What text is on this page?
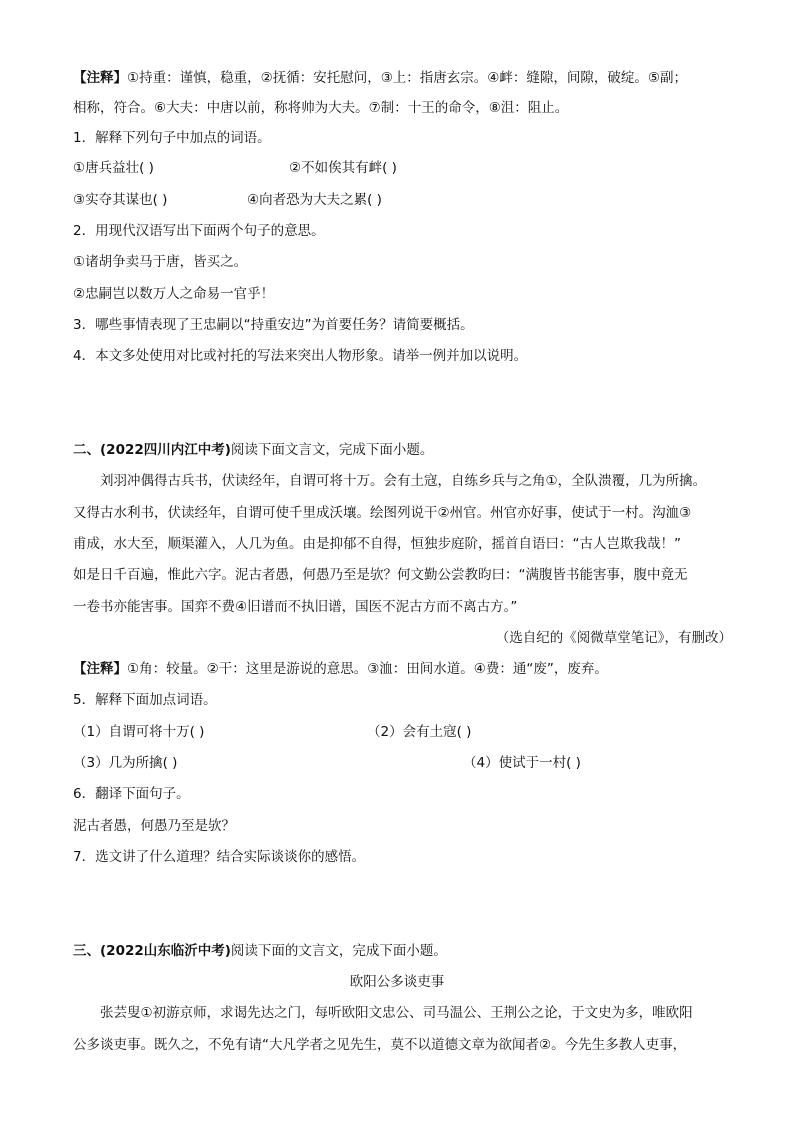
【注释】①持重：谨慎，稳重，②抚循：安托慰问，③上：指唐玄宗。④衅：缝隙，间隙，破绽。⑤副；
相称，符合。⑥大夫：中唐以前，称将帅为大夫。⑦制：十王的命令，⑧沮：阻止。
1．解释下列句子中加点的词语。
①唐兵益壮( )	②不如俟其有衅( )
③实夺其谋也( )	④向者恐为大夫之累( )
2．用现代汉语写出下面两个句子的意思。
①诸胡争卖马于唐，皆买之。
②忠嗣岂以数万人之命易一官乎！
3．哪些事情表现了王忠嗣以“持重安边”为首要任务？请简要概括。
4．本文多处使用对比或衬托的写法来突出人物形象。请举一例并加以说明。
二、(2022四川内江中考)阅读下面文言文，完成下面小题。
刘羽冲偶得古兵书，伏读经年，自谓可将十万。会有土寇，自练乡兵与之角①，全队溃覆，几为所擒。
又得古水利书，伏读经年，自谓可使千里成沃壤。绘图列说干②州官。州官亦好事，使试于一村。沟洫③
甫成，水大至，顺渠灌入，人几为鱼。由是抑郁不自得，恒独步庭阶，摇首自语曰：“古人岂欺我哉！”
如是日千百遍，惟此六字。泥古者愚，何愚乃至是欤？何文勤公尝教昀曰：“满腹皆书能害事，腹中竟无
一卷书亦能害事。国弈不费④旧谱而不执旧谱，国医不泥古方而不离古方。”
（选自纪的《阅微草堂笔记》，有删改）
【注释】①角：较量。②干：这里是游说的意思。③洫：田间水道。④费：通“废”，废弃。
5．解释下面加点词语。
（1）自谓可将十万( )	（2）会有土寇( )
（3）几为所擒( )	（4）使试于一村( )
6．翻译下面句子。
泥古者愚，何愚乃至是欤？
7．选文讲了什么道理？结合实际谈谈你的感悟。
三、(2022山东临沂中考)阅读下面的文言文，完成下面小题。
欧阳公多谈吏事
张芸叟①初游京师，求谒先达之门，每听欧阳文忠公、司马温公、王荆公之论，于文史为多，唯欧阳
公多谈吏事。既久之，不免有请“大凡学者之见先生，莫不以道德文章为欲闻者②。今先生多教人吏事，
